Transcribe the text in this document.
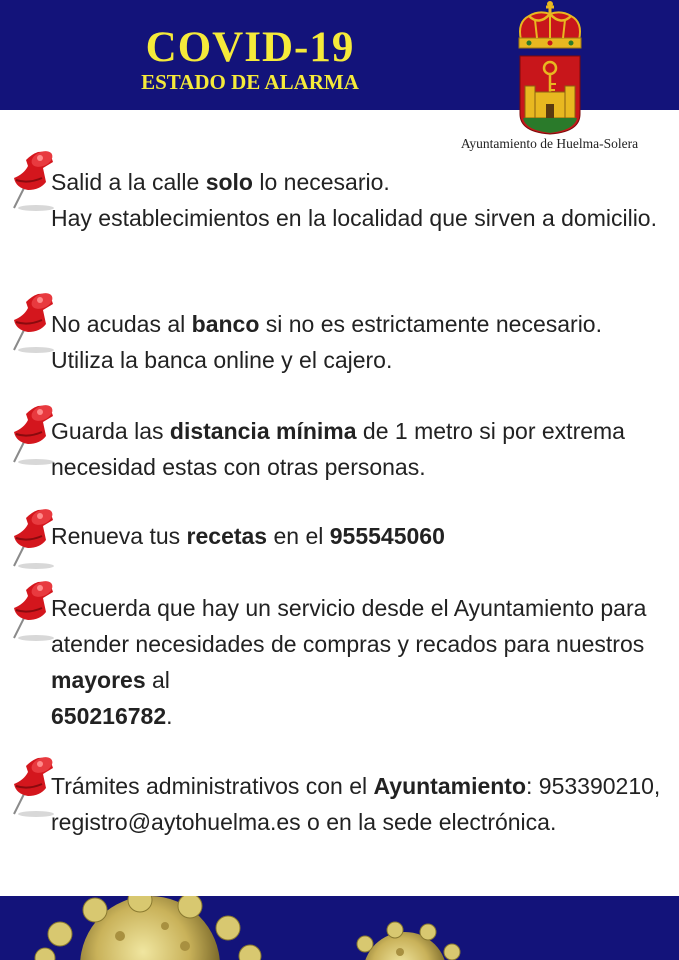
COVID-19
ESTADO DE ALARMA
Ayuntamiento de Huelma-Solera
Salid a la calle solo lo necesario.
Hay establecimientos en la localidad que sirven a domicilio.
No acudas al banco si no es estrictamente necesario. Utiliza la banca online y el cajero.
Guarda las distancia mínima de 1 metro si por extrema necesidad estas con otras personas.
Renueva tus recetas en el 955545060
Recuerda que hay un servicio desde el Ayuntamiento para atender necesidades de compras y recados para nuestros mayores al
650216782.
Trámites administrativos con el Ayuntamiento: 953390210, registro@aytohuelma.es o en la sede electrónica.
